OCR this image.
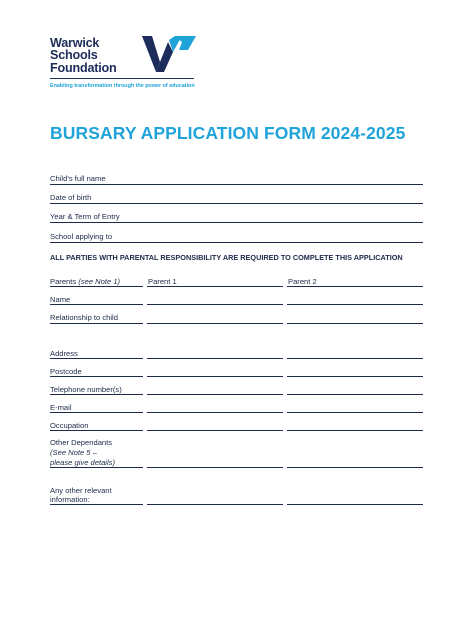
Warwick
Schools
Foundation
Enabling transformation through the power of education
BURSARY APPLICATION FORM 2024-2025
Child’s full name
Date of birth
Year & Term of Entry
School applying to
ALL PARTIES WITH PARENTAL RESPONSIBILITY ARE REQUIRED TO COMPLETE THIS APPLICATION
Parents (see Note 1)	Parent 1	Parent 2
Name
Relationship to child
Address
Postcode
Telephone number(s)
E-mail
Occupation
Other Dependants
(See Note 5 –
please give details)
Any other relevant
information:
